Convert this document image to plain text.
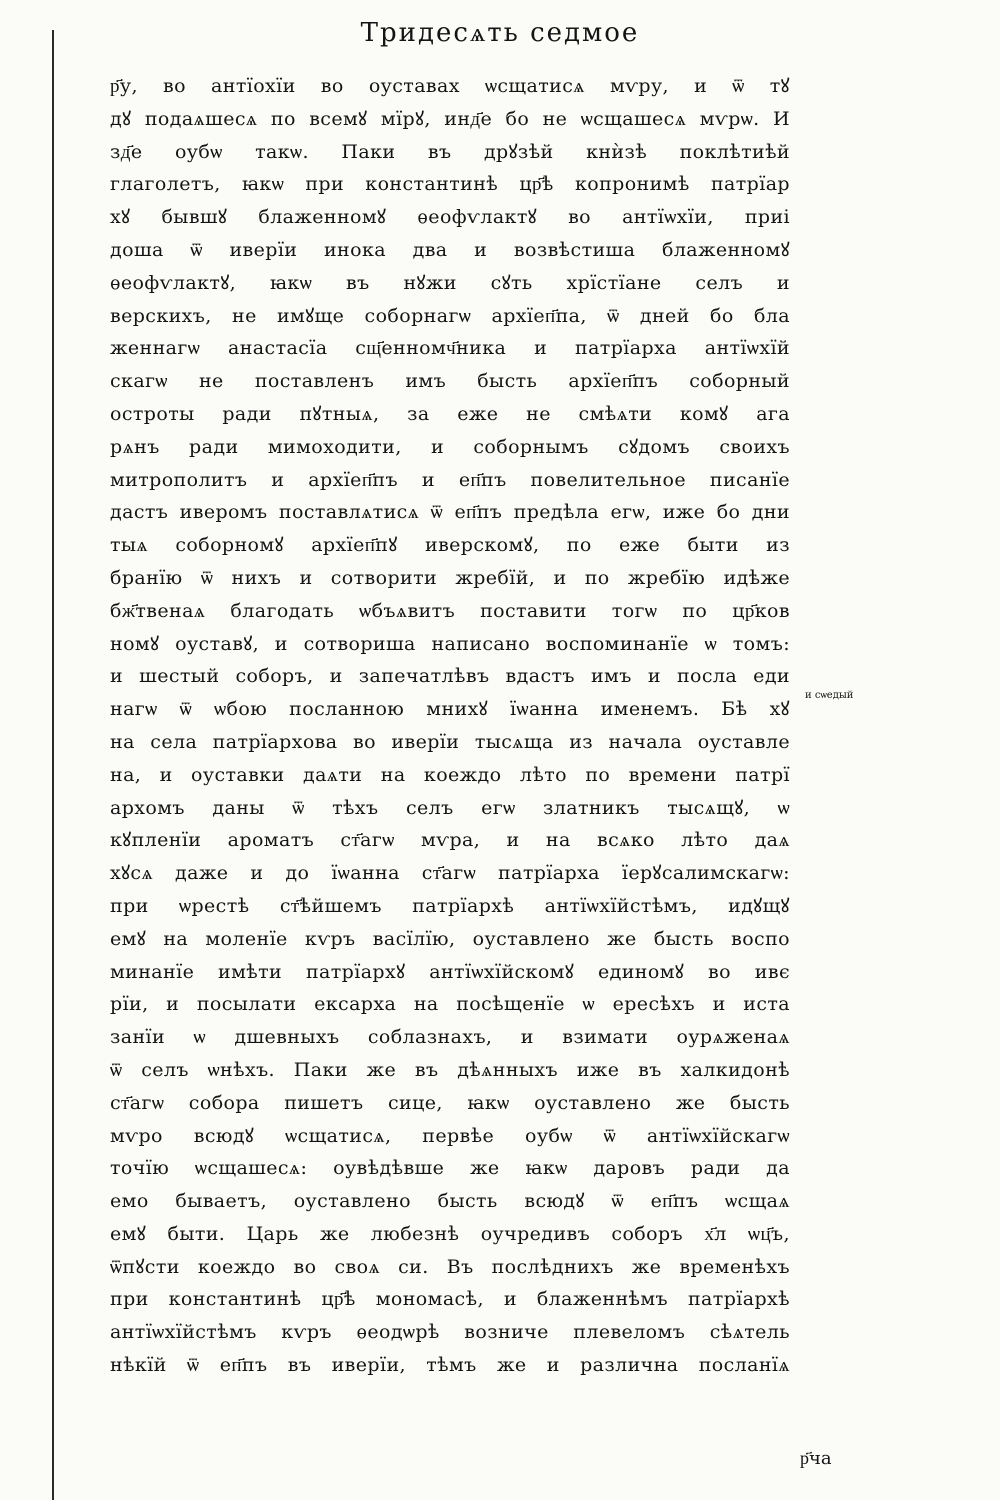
Тридесѧть седмое
р҃у, во антїохїи во оуставах ѡсщатисѧ мѵру, и ѿ тꙋ
дꙋ подаѧшесѧ по всемꙋ мїрꙋ, инд҃е бо не ѡсщашесѧ мѵрѡ. И
зд҃е оубѡ такѡ. Паки въ дрꙋзѣй кнѝзѣ поклѣтиѣй
глаголетъ, ꙗкѡ при константинѣ цр҃ѣ копронимѣ патрїар
хꙋ бывшꙋ блаженномꙋ ѳеофѵлактꙋ во антїѡхїи, приі
доша ѿ иверїи инока два и возвѣстиша блаженномꙋ
ѳеофѵлактꙋ, ꙗкѡ въ нꙋжи сꙋть хрїстїане селъ и
верскихъ, не имꙋще соборнагѡ архїеп҃па, ѿ дней бо бла
женнагѡ анастасїа сщ҃енномч҃ника и патрїарха антїѡхїй
скагѡ не поставленъ имъ бысть архїеп҃пъ соборный
остроты ради пꙋтныѧ, за еже не смѣѧти комꙋ ага
рѧнъ ради мимоходити, и соборнымъ сꙋдомъ своихъ
митрополитъ и архїеп҃пъ и еп҃пъ повелительное писанїе
дастъ иверомъ поставлѧтисѧ ѿ еп҃пъ предѣла егѡ, иже бо дни
тыѧ соборномꙋ архїеп҃пꙋ иверскомꙋ, по еже быти из
бранїю ѿ нихъ и сотворити жребїй, и по жребїю идѣже
бж҃твенаѧ благодать ѡбъѧвитъ поставити тогѡ по цр҃ков
номꙋ оуставꙋ, и сотвориша написано воспоминанїе ѡ томъ:
и шестый соборъ, и запечатлѣвъ вдастъ имъ и посла еди
нагѡ ѿ ѡбою посланною мнихꙋ їѡанна именемъ. Бѣ хꙋ
на села патрїархова во иверїи тысѧща из начала оуставле
на, и оуставки даѧти на коеждо лѣто по времени патрї
архомъ даны ѿ тѣхъ селъ егѡ златникъ тысѧщꙋ, ѡ
кꙋпленїи ароматъ ст҃агѡ мѵра, и на всѧко лѣто даѧ
хꙋсѧ даже и до їѡанна ст҃агѡ патрїарха їерꙋсалимскагѡ:
при ѡрестѣ ст҃ѣйшемъ патрїархѣ антїѡхїйстѣмъ, идꙋщꙋ
емꙋ на моленїе кѵръ васїлїю, оуставлено же бысть воспо
минанїе имѣти патрїархꙋ антїѡхїйскомꙋ единомꙋ во ивє
рїи, и посылати ексарха на посѣщенїе ѡ ересѣхъ и иста
занїи ѡ дшевныхъ соблазнахъ, и взимати оурѧженаѧ
ѿ селъ ѡнѣхъ. Паки же въ дѣѧнныхъ иже въ халкидонѣ
ст҃агѡ собора пишетъ сице, ꙗкѡ оуставлено же бысть
мѵро всюдꙋ ѡсщатисѧ, первѣе оубѡ ѿ антїѡхїйскагѡ
точїю ѡсщашесѧ: оувѣдѣвше же ꙗкѡ даровъ ради да
емо бываетъ, оуставлено бысть всюдꙋ ѿ еп҃пъ ѡсщаѧ
емꙋ быти. Царь же любезнѣ оучредивъ соборъ х҃л ѡц҃ъ,
ѿпꙋсти коеждо во своѧ си. Въ послѣднихъ же временѣхъ
при константинѣ цр҃ѣ мономасѣ, и блаженнѣмъ патрїархѣ
антїѡхїйстѣмъ кѵръ ѳеодѡрѣ возниче плевеломъ сѣѧтель
нѣкїй ѿ еп҃пъ въ иверїи, тѣмъ же и различна посланїѧ
и сѡедый
р҃ча
